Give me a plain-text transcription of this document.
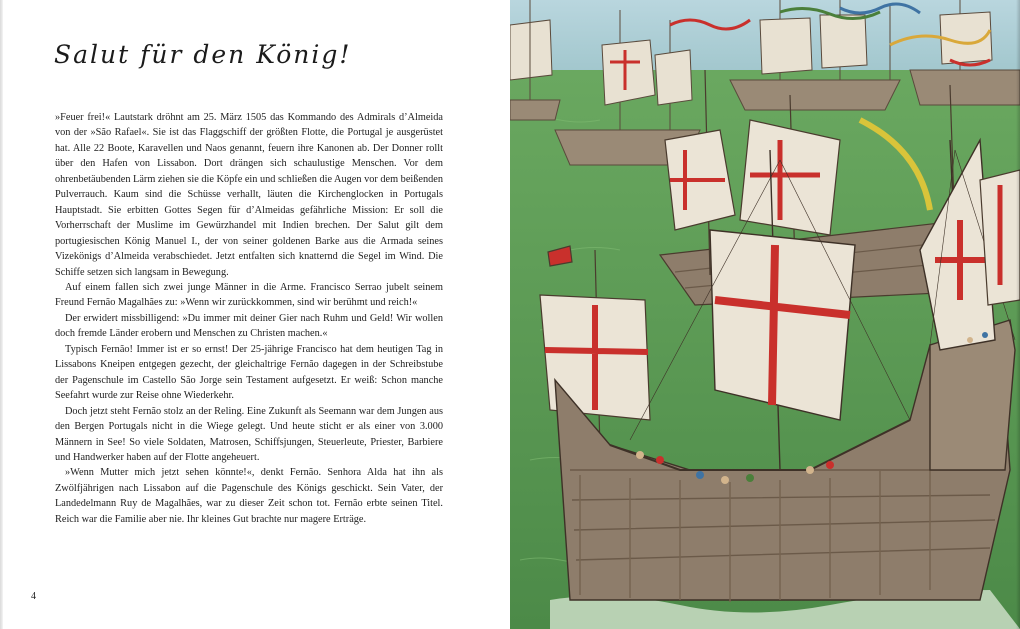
Salut für den König!

»Feuer frei!« Lautstark dröhnt am 25. März 1505 das Kommando des Admirals d’Almeida von der »São Rafael«. Sie ist das Flaggschiff der größten Flotte, die Portugal je ausgerüstet hat. Alle 22 Boote, Karavellen und Naos genannt, feuern ihre Kanonen ab. Der Donner rollt über den Hafen von Lissabon. Dort drängen sich schaulustige Menschen. Vor dem ohrenbetäubenden Lärm ziehen sie die Köpfe ein und schließen die Augen vor dem beißenden Pulverrauch. Kaum sind die Schüsse verhallt, läuten die Kirchenglocken in Portugals Hauptstadt. Sie erbitten Gottes Segen für d’Almeidas gefährliche Mission: Er soll die Vorherrschaft der Muslime im Gewürzhandel mit Indien brechen. Der Salut gilt dem portugiesischen König Manuel I., der von seiner goldenen Barke aus die Armada seines Vizekönigs d’Almeida verabschiedet. Jetzt entfalten sich knatternd die Segel im Wind. Die Schiffe setzen sich langsam in Bewegung.

Auf einem fallen sich zwei junge Männer in die Arme. Francisco Serrao jubelt seinem Freund Fernão Magalhães zu: »Wenn wir zurückkommen, sind wir berühmt und reich!«

Der erwidert missbilligend: »Du immer mit deiner Gier nach Ruhm und Geld! Wir wollen doch fremde Länder erobern und Menschen zu Christen machen.«

Typisch Fernão! Immer ist er so ernst! Der 25-jährige Francisco hat dem heutigen Tag in Lissabons Kneipen entgegen gezecht, der gleichaltrige Fernão dagegen in der Schreibstube der Pagenschule im Castello São Jorge sein Testament aufgesetzt. Er weiß: Schon manche Seefahrt wurde zur Reise ohne Wiederkehr.

Doch jetzt steht Fernão stolz an der Reling. Eine Zukunft als Seemann war dem Jungen aus den Bergen Portugals nicht in die Wiege gelegt. Und heute sticht er als einer von 3.000 Männern in See! So viele Soldaten, Matrosen, Schiffsjungen, Steuerleute, Priester, Barbiere und Handwerker haben auf der Flotte angeheuert.

»Wenn Mutter mich jetzt sehen könnte!«, denkt Fernão. Senhora Alda hat ihn als Zwölfjährigen nach Lissabon auf die Pagenschule des Königs geschickt. Sein Vater, der Landedelmann Ruy de Magalhães, war zu dieser Zeit schon tot. Fernão erbte seinen Titel. Reich war die Familie aber nie. Ihr kleines Gut brachte nur magere Erträge.

4
